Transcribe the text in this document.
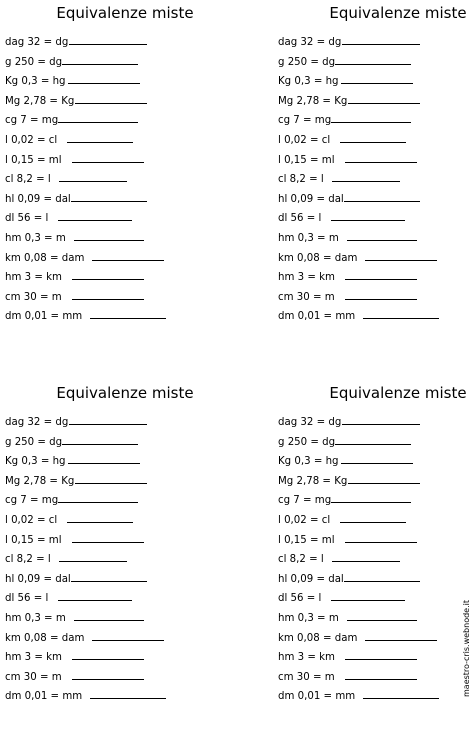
Equivalenze miste
dag 32 = dg
g 250 = dg
Kg 0,3 = hg
Mg 2,78 = Kg
cg 7 = mg
l 0,02 = cl
l 0,15 = ml
cl 8,2 = l
hl 0,09 = dal
dl 56 = l
hm 0,3 = m
km 0,08 = dam
hm 3 = km
cm 30 = m
dm 0,01 = mm
Equivalenze miste
dag 32 = dg
g 250 = dg
Kg 0,3 = hg
Mg 2,78 = Kg
cg 7 = mg
l 0,02 = cl
l 0,15 = ml
cl 8,2 = l
hl 0,09 = dal
dl 56 = l
hm 0,3 = m
km 0,08 = dam
hm 3 = km
cm 30 = m
dm 0,01 = mm
Equivalenze miste
dag 32 = dg
g 250 = dg
Kg 0,3 = hg
Mg 2,78 = Kg
cg 7 = mg
l 0,02 = cl
l 0,15 = ml
cl 8,2 = l
hl 0,09 = dal
dl 56 = l
hm 0,3 = m
km 0,08 = dam
hm 3 = km
cm 30 = m
dm 0,01 = mm
Equivalenze miste
dag 32 = dg
g 250 = dg
Kg 0,3 = hg
Mg 2,78 = Kg
cg 7 = mg
l 0,02 = cl
l 0,15 = ml
cl 8,2 = l
hl 0,09 = dal
dl 56 = l
hm 0,3 = m
km 0,08 = dam
hm 3 = km
cm 30 = m
dm 0,01 = mm	maestro-cris.webnode.it
